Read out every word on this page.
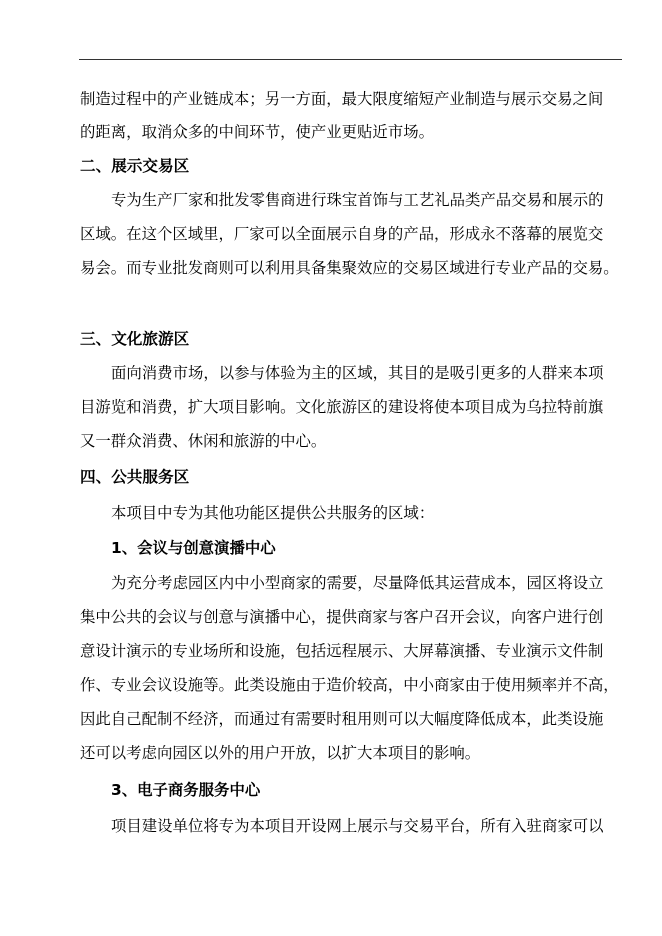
制造过程中的产业链成本；另一方面，最大限度缩短产业制造与展示交易之间
的距离，取消众多的中间环节，使产业更贴近市场。
二、展示交易区
专为生产厂家和批发零售商进行珠宝首饰与工艺礼品类产品交易和展示的
区域。在这个区域里，厂家可以全面展示自身的产品，形成永不落幕的展览交
易会。而专业批发商则可以利用具备集聚效应的交易区域进行专业产品的交易。
三、文化旅游区
面向消费市场，以参与体验为主的区域，其目的是吸引更多的人群来本项
目游览和消费，扩大项目影响。文化旅游区的建设将使本项目成为乌拉特前旗
又一群众消费、休闲和旅游的中心。
四、公共服务区
本项目中专为其他功能区提供公共服务的区域：
1、会议与创意演播中心
为充分考虑园区内中小型商家的需要，尽量降低其运营成本，园区将设立
集中公共的会议与创意与演播中心，提供商家与客户召开会议，向客户进行创
意设计演示的专业场所和设施，包括远程展示、大屏幕演播、专业演示文件制
作、专业会议设施等。此类设施由于造价较高，中小商家由于使用频率并不高，
因此自己配制不经济，而通过有需要时租用则可以大幅度降低成本，此类设施
还可以考虑向园区以外的用户开放，以扩大本项目的影响。
3、电子商务服务中心
项目建设单位将专为本项目开设网上展示与交易平台，所有入驻商家可以
